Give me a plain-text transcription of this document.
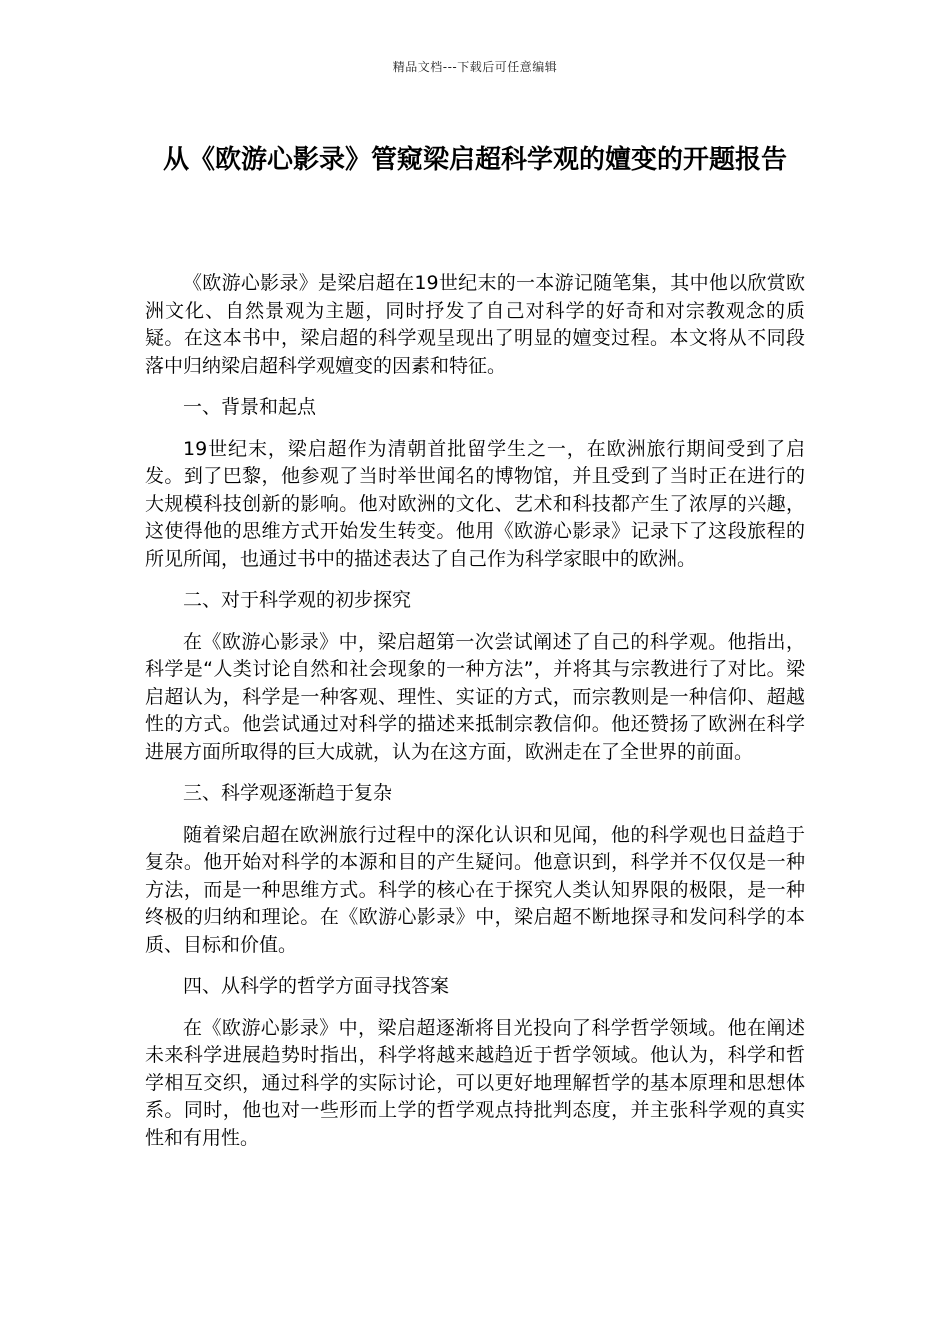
精品文档---下载后可任意编辑
从《欧游心影录》管窥梁启超科学观的嬗变的开题报告

《欧游心影录》是梁启超在19世纪末的一本游记随笔集，其中他以欣赏欧洲文化、自然景观为主题，同时抒发了自己对科学的好奇和对宗教观念的质疑。在这本书中，梁启超的科学观呈现出了明显的嬗变过程。本文将从不同段落中归纳梁启超科学观嬗变的因素和特征。

一、背景和起点

19世纪末，梁启超作为清朝首批留学生之一，在欧洲旅行期间受到了启发。到了巴黎，他参观了当时举世闻名的博物馆，并且受到了当时正在进行的大规模科技创新的影响。他对欧洲的文化、艺术和科技都产生了浓厚的兴趣，这使得他的思维方式开始发生转变。他用《欧游心影录》记录下了这段旅程的所见所闻，也通过书中的描述表达了自己作为科学家眼中的欧洲。

二、对于科学观的初步探究

在《欧游心影录》中，梁启超第一次尝试阐述了自己的科学观。他指出，科学是“人类讨论自然和社会现象的一种方法”，并将其与宗教进行了对比。梁启超认为，科学是一种客观、理性、实证的方式，而宗教则是一种信仰、超越性的方式。他尝试通过对科学的描述来抵制宗教信仰。他还赞扬了欧洲在科学进展方面所取得的巨大成就，认为在这方面，欧洲走在了全世界的前面。

三、科学观逐渐趋于复杂

随着梁启超在欧洲旅行过程中的深化认识和见闻，他的科学观也日益趋于复杂。他开始对科学的本源和目的产生疑问。他意识到，科学并不仅仅是一种方法，而是一种思维方式。科学的核心在于探究人类认知界限的极限，是一种终极的归纳和理论。在《欧游心影录》中，梁启超不断地探寻和发问科学的本质、目标和价值。

四、从科学的哲学方面寻找答案

在《欧游心影录》中，梁启超逐渐将目光投向了科学哲学领域。他在阐述未来科学进展趋势时指出，科学将越来越趋近于哲学领域。他认为，科学和哲学相互交织，通过科学的实际讨论，可以更好地理解哲学的基本原理和思想体系。同时，他也对一些形而上学的哲学观点持批判态度，并主张科学观的真实性和有用性。
